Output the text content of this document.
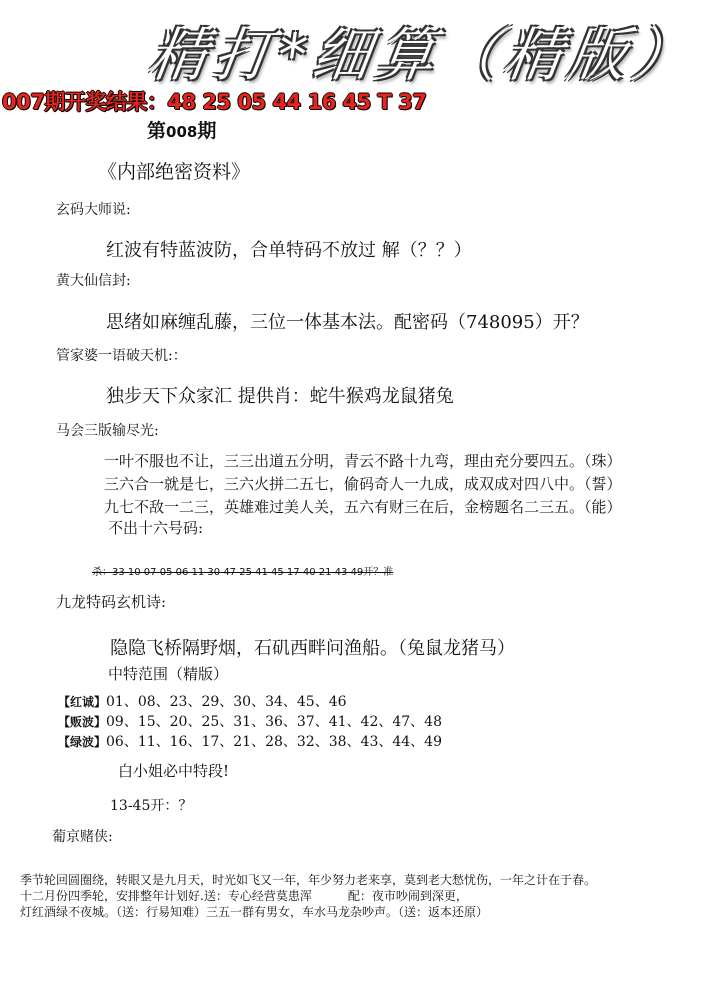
精打*细算（精版）
007期开奖结果：48 25 05 44 16 45 T 37
第008期
《内部绝密资料》
玄码大师说:
红波有特蓝波防，合单特码不放过 解（？？）
黄大仙信封:
思绪如麻缠乱藤，三位一体基本法。配密码（748095）开？
管家婆一语破天机:：
独步天下众家汇 提供肖：蛇牛猴鸡龙鼠猪兔
马会三版输尽光:
一叶不服也不让，三三出道五分明，青云不路十九弯，理由充分要四五。（珠）
三六合一就是七，三六火拼二五七，偷码奇人一九成，成双成对四八中。（誓）
九七不敌一二三，英雄难过美人关，五六有财三在后，金榜题名二三五。（能）
不出十六号码:
杀：33 10 07 05 06 11 30 47 25 41 45 17 40 21 43 49开？准
九龙特码玄机诗:
隐隐飞桥隔野烟，石矶西畔问渔船。（兔鼠龙猪马）
中特范围（精版）
【红诚】01、08、23、29、30、34、45、46
【贩波】09、15、20、25、31、36、37、41、42、47、48
【绿波】06、11、16、17、21、28、32、38、43、44、49
白小姐必中特段!
13-45开：？
葡京赌侠:
季节轮回圆圈绕，转眼又是九月天，时光如飞又一年，年少努力老来享，莫到老大愁忧伤，一年之计在于春。
十二月份四季轮，安排整年计划好.送：专心经营莫患浑　　　配：夜市吵闹到深更，
灯红酒绿不夜城。（送：行易知难）三五一群有男女，车水马龙杂吵声。（送：返本还原）
